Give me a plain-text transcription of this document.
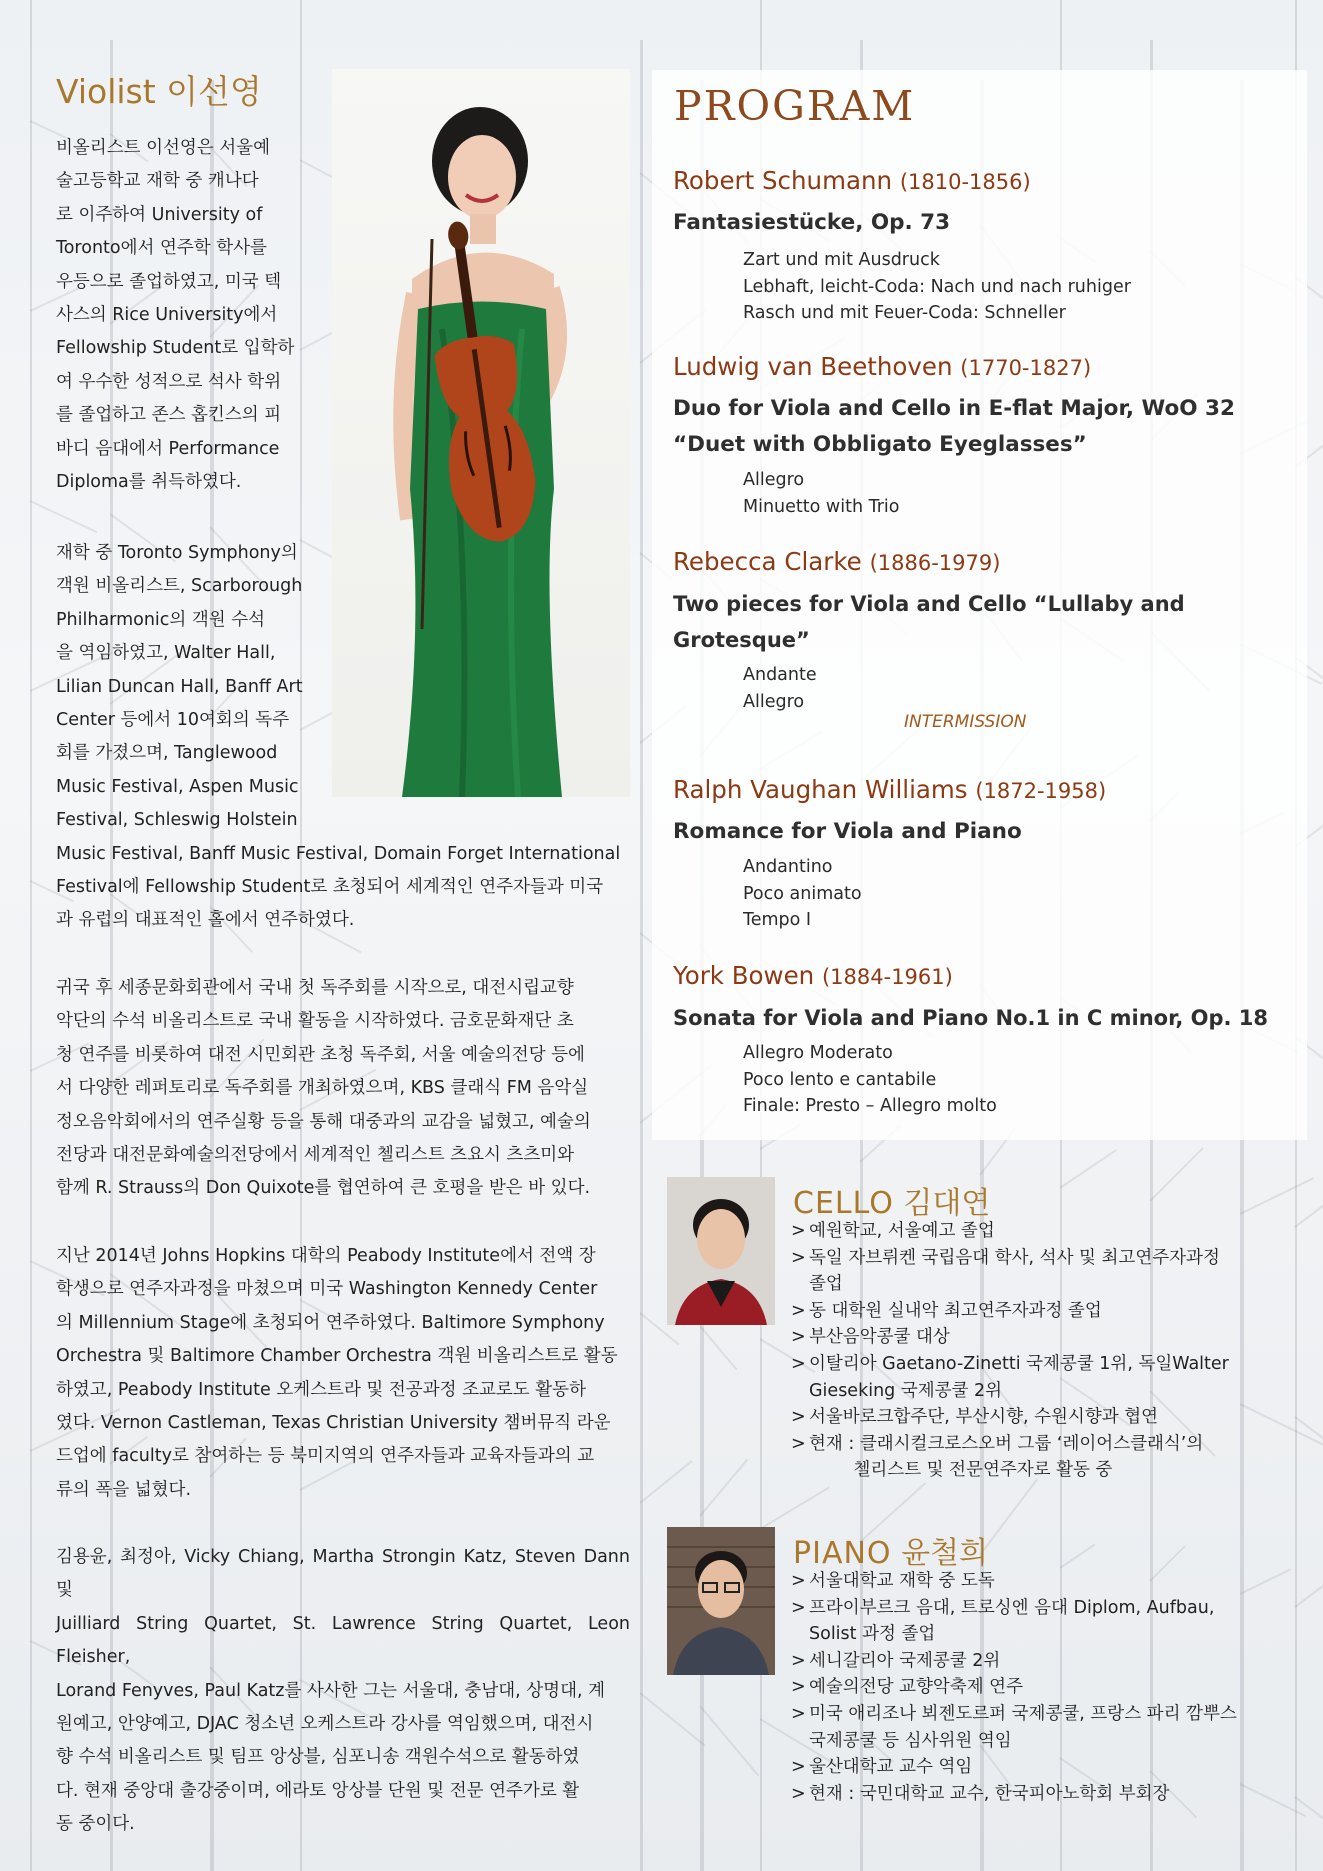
Violist 이선영

비올리스트 이선영은 서울예

술고등학교 재학 중 캐나다

로 이주하여 University of

Toronto에서 연주학 학사를

우등으로 졸업하였고, 미국 텍

사스의 Rice University에서

Fellowship Student로 입학하

여 우수한 성적으로 석사 학위

를 졸업하고 존스 홉킨스의 피

바디 음대에서 Performance

Diploma를 취득하였다.

재학 중 Toronto Symphony의

객원 비올리스트, Scarborough

Philharmonic의 객원 수석

을 역임하였고, Walter Hall,

Lilian Duncan Hall, Banff Art

Center 등에서 10여회의 독주

회를 가졌으며, Tanglewood

Music Festival, Aspen Music

Festival, Schleswig Holstein

Music Festival, Banff Music Festival, Domain Forget International

Festival에 Fellowship Student로 초청되어 세계적인 연주자들과 미국

과 유럽의 대표적인 홀에서 연주하였다.

귀국 후 세종문화회관에서 국내 첫 독주회를 시작으로, 대전시립교향

악단의 수석 비올리스트로 국내 활동을 시작하였다. 금호문화재단 초

청 연주를 비롯하여 대전 시민회관 초청 독주회, 서울 예술의전당 등에

서 다양한 레퍼토리로 독주회를 개최하였으며, KBS 클래식 FM 음악실

정오음악회에서의 연주실황 등을 통해 대중과의 교감을 넓혔고, 예술의

전당과 대전문화예술의전당에서 세계적인 첼리스트 츠요시 츠츠미와

함께 R. Strauss의 Don Quixote를 협연하여 큰 호평을 받은 바 있다.

지난 2014년 Johns Hopkins 대학의 Peabody Institute에서 전액 장

학생으로 연주자과정을 마쳤으며 미국 Washington Kennedy Center

의 Millennium Stage에 초청되어 연주하였다. Baltimore Symphony

Orchestra 및 Baltimore Chamber Orchestra 객원 비올리스트로 활동

하였고, Peabody Institute 오케스트라 및 전공과정 조교로도 활동하

였다. Vernon Castleman, Texas Christian University 챔버뮤직 라운

드업에 faculty로 참여하는 등 북미지역의 연주자들과 교육자들과의 교

류의 폭을 넓혔다.

김용윤, 최정아, Vicky Chiang, Martha Strongin Katz, Steven Dann 및

Juilliard String Quartet, St. Lawrence String Quartet, Leon Fleisher,

Lorand Fenyves, Paul Katz를 사사한 그는 서울대, 충남대, 상명대, 계

원예고, 안양예고, DJAC 청소년 오케스트라 강사를 역임했으며, 대전시

향 수석 비올리스트 및 팀프 앙상블, 심포니송 객원수석으로 활동하였

다. 현재 중앙대 출강중이며, 에라토 앙상블 단원 및 전문 연주가로 활

동 중이다.

PROGRAM
Robert Schumann (1810-1856)
Fantasiestücke, Op. 73
Zart und mit Ausdruck
Lebhaft, leicht-Coda: Nach und nach ruhiger
Rasch und mit Feuer-Coda: Schneller
Ludwig van Beethoven (1770-1827)
Duo for Viola and Cello in E-flat Major, WoO 32
“Duet with Obbligato Eyeglasses”
Allegro
Minuetto with Trio
Rebecca Clarke (1886-1979)
Two pieces for Viola and Cello “Lullaby and Grotesque”
Andante
Allegro
INTERMISSION
Ralph Vaughan Williams (1872-1958)
Romance for Viola and Piano
Andantino
Poco animato
Tempo I
York Bowen (1884-1961)
Sonata for Viola and Piano No.1 in C minor, Op. 18
Allegro Moderato
Poco lento e cantabile
Finale: Presto – Allegro molto
CELLO 김대연
> 예원학교, 서울예고 졸업
> 독일 자브뤼켄 국립음대 학사, 석사 및 최고연주자과정
졸업
> 동 대학원 실내악 최고연주자과정 졸업
> 부산음악콩쿨 대상
> 이탈리아 Gaetano-Zinetti 국제콩쿨 1위, 독일Walter
Gieseking 국제콩쿨 2위
> 서울바로크합주단, 부산시향, 수원시향과 협연
> 현재 : 클래시컬크로스오버 그룹 ‘레이어스클래식’의
첼리스트 및 전문연주자로 활동 중
PIANO 윤철희
> 서울대학교 재학 중 도독
> 프라이부르크 음대, 트로싱엔 음대 Diplom, Aufbau,
Solist 과정 졸업
> 세니갈리아 국제콩쿨 2위
> 예술의전당 교향악축제 연주
> 미국 애리조나 뵈젠도르퍼 국제콩쿨, 프랑스 파리 깜뿌스
국제콩쿨 등 심사위원 역임
> 울산대학교 교수 역임
> 현재 : 국민대학교 교수, 한국피아노학회 부회장
